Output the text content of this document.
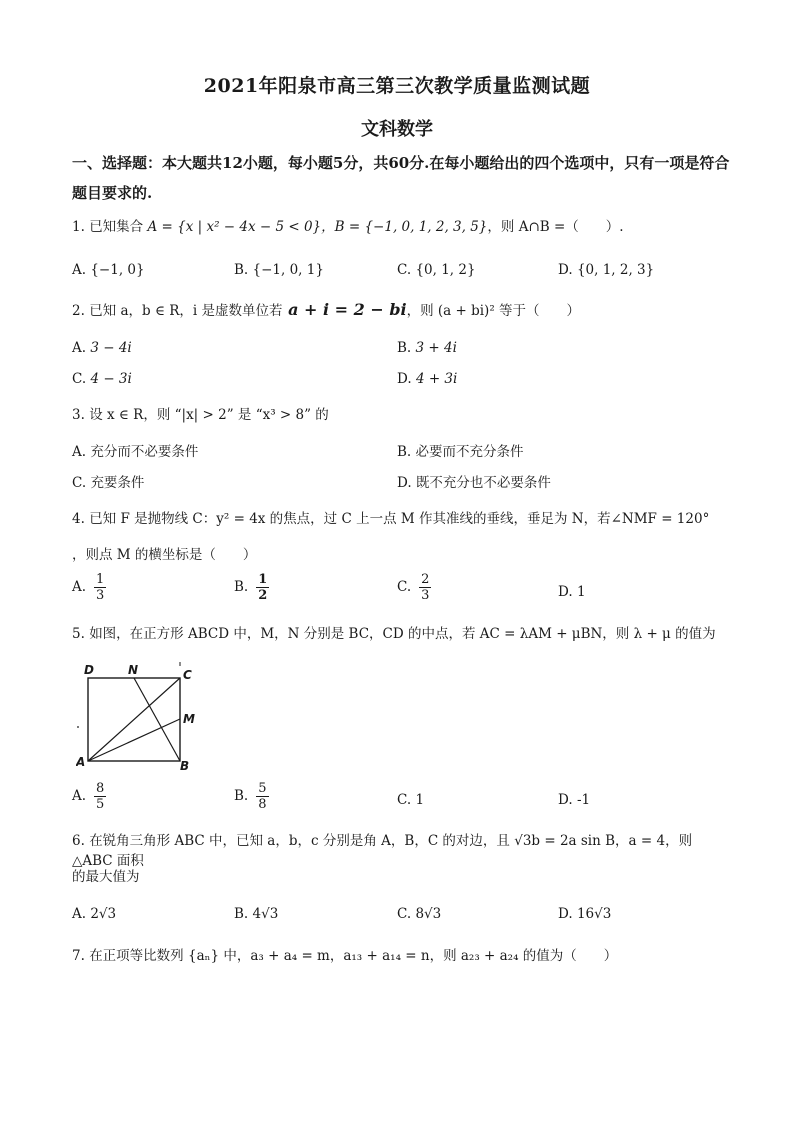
2021年阳泉市高三第三次教学质量监测试题
文科数学
一、选择题：本大题共12小题，每小题5分，共60分.在每小题给出的四个选项中，只有一项是符合题目要求的.
1. 已知集合 A = {x | x² − 4x − 5 < 0}，B = {−1, 0, 1, 2, 3, 5}，则 A∩B =（　　）.
A. {−1, 0}	B. {−1, 0, 1}	C. {0, 1, 2}	D. {0, 1, 2, 3}
2. 已知 a，b ∈ R，i 是虚数单位若 a + i = 2 − bi，则 (a + bi)² 等于（　　）
A. 3 − 4i	B. 3 + 4i
C. 4 − 3i	D. 4 + 3i
3. 设 x ∈ R，则 “|x| > 2” 是 “x³ > 8” 的
A. 充分而不必要条件	B. 必要而不充分条件
C. 充要条件	D. 既不充分也不必要条件
4. 已知 F 是抛物线 C：y² = 4x 的焦点，过 C 上一点 M 作其准线的垂线，垂足为 N，若∠NMF = 120°
，则点 M 的横坐标是（　　）
A. $\frac{1}{3}$	B. $\frac{1}{2}$	C. $\frac{2}{3}$	D. 1
5. 如图，在正方形 ABCD 中，M，N 分别是 BC，CD 的中点，若 AC = λAM + μBN，则 λ + μ 的值为
D	N	C
M
A	B
A. $\frac{8}{5}$	B. $\frac{5}{8}$	C. 1	D. -1
6. 在锐角三角形 ABC 中，已知 a，b，c 分别是角 A，B，C 的对边，且 √3b = 2a sin B，a = 4，则 △ABC 面积
的最大值为
A. 2√3	B. 4√3	C. 8√3	D. 16√3
7. 在正项等比数列 {aₙ} 中，a₃ + a₄ = m，a₁₃ + a₁₄ = n，则 a₂₃ + a₂₄ 的值为（　　）
